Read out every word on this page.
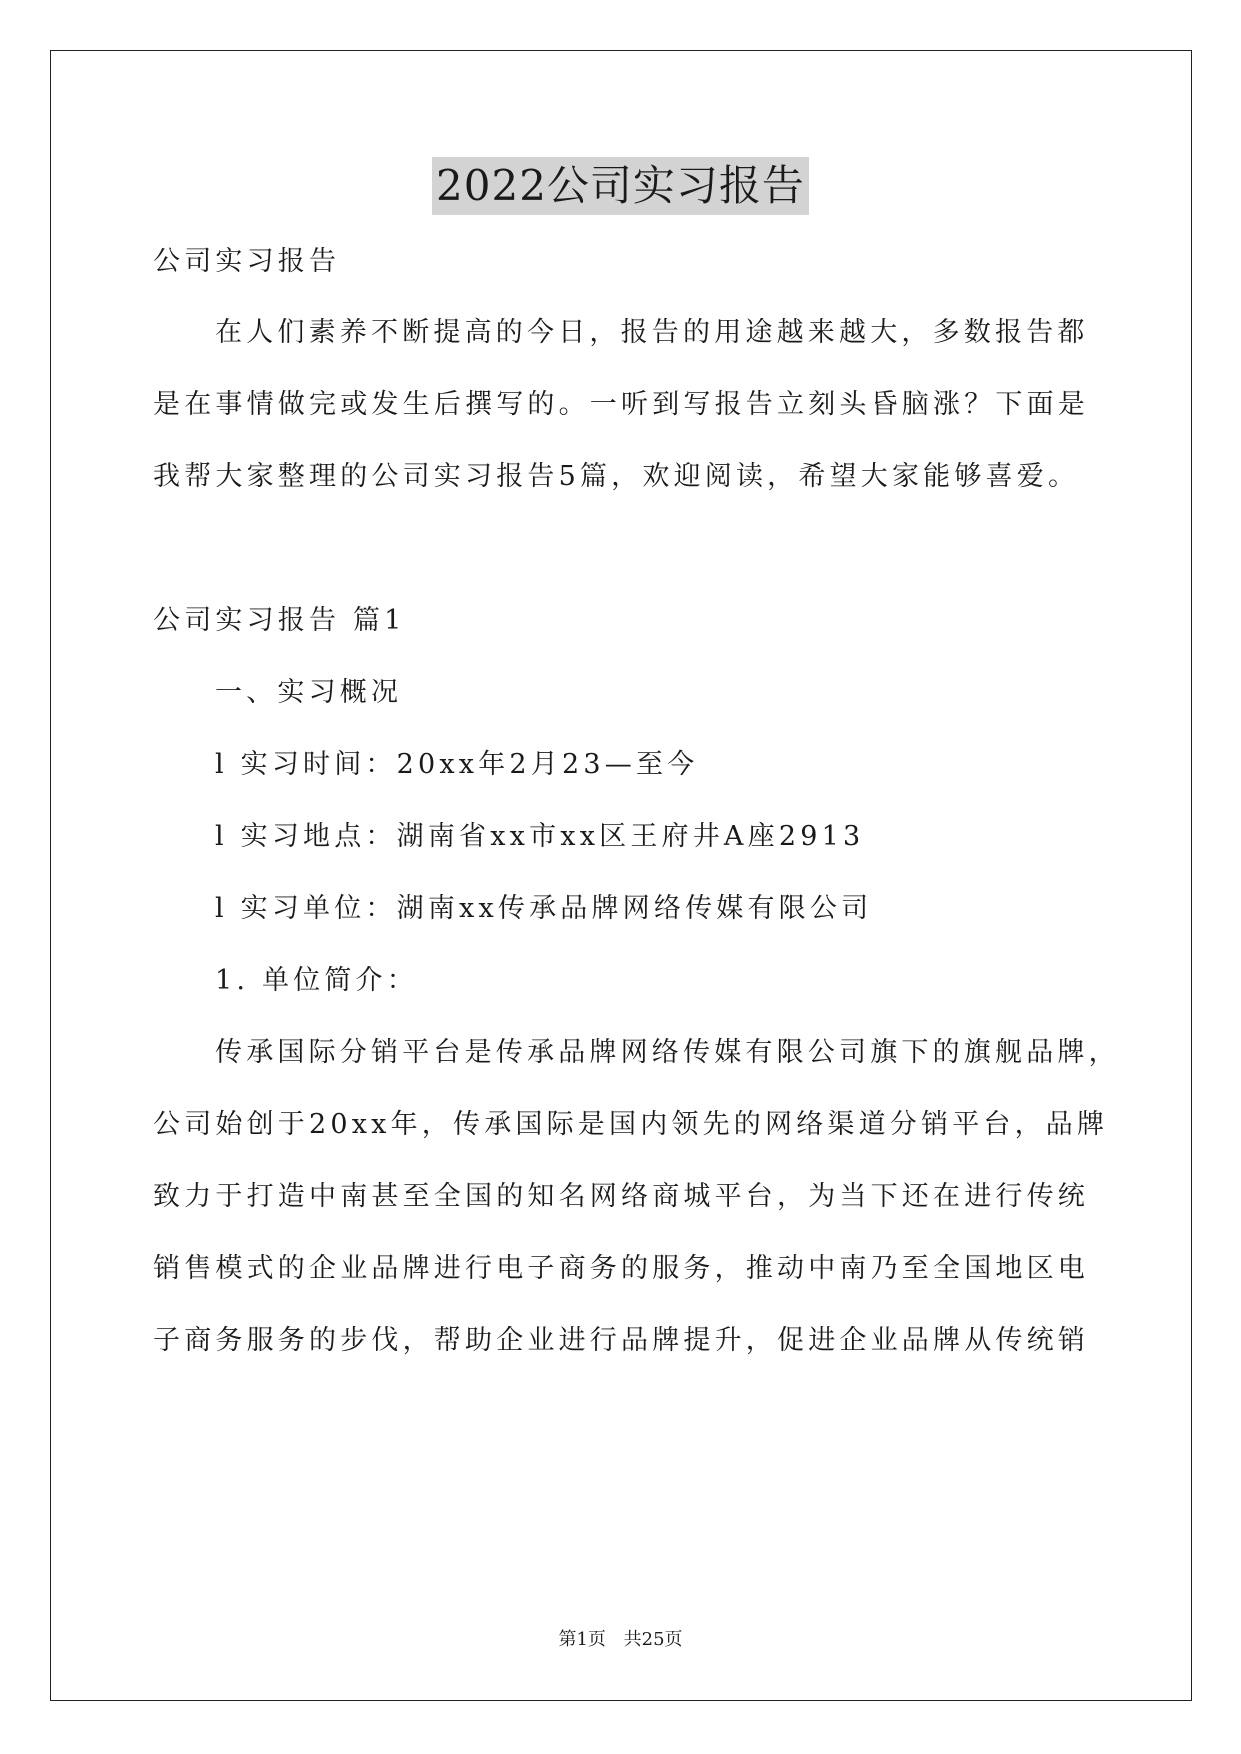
2022公司实习报告
公司实习报告
在人们素养不断提高的今日，报告的用途越来越大，多数报告都
是在事情做完或发生后撰写的。一听到写报告立刻头昏脑涨？下面是
我帮大家整理的公司实习报告5篇，欢迎阅读，希望大家能够喜爱。
公司实习报告 篇1
一、实习概况
l 实习时间：20xx年2月23—至今
l 实习地点：湖南省xx市xx区王府井A座2913
l 实习单位：湖南xx传承品牌网络传媒有限公司
1. 单位简介：
传承国际分销平台是传承品牌网络传媒有限公司旗下的旗舰品牌，
公司始创于20xx年，传承国际是国内领先的网络渠道分销平台，品牌
致力于打造中南甚至全国的知名网络商城平台，为当下还在进行传统
销售模式的企业品牌进行电子商务的服务，推动中南乃至全国地区电
子商务服务的步伐，帮助企业进行品牌提升，促进企业品牌从传统销
第1页 共25页
